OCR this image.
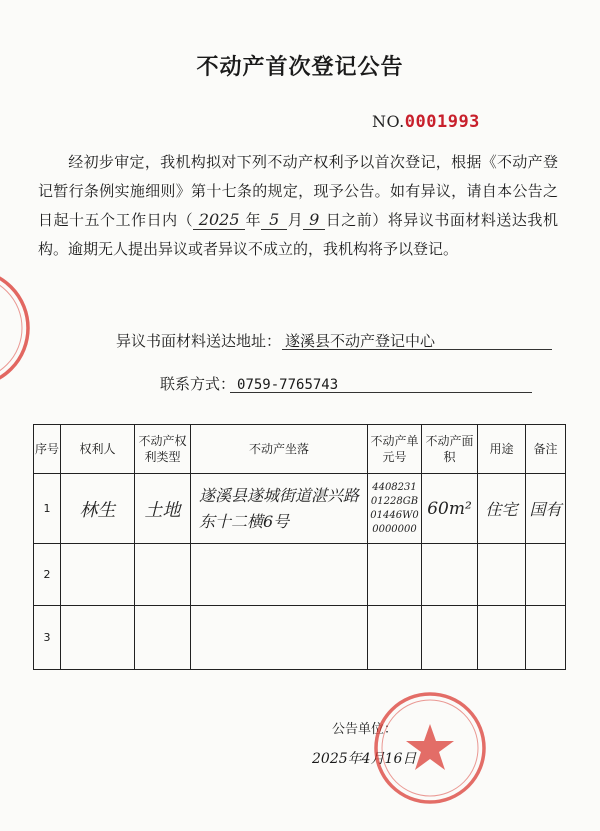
不动产首次登记公告
NO.0001993
经初步审定，我机构拟对下列不动产权利予以首次登记，根据《不动产登记暂行条例实施细则》第十七条的规定，现予公告。如有异议，请自本公告之日起十五个工作日内（ 2025 年 5 月 9 日之前）将异议书面材料送达我机构。逾期无人提出异议或者异议不成立的，我机构将予以登记。
异议书面材料送达地址： 遂溪县不动产登记中心
联系方式： 0759-7765743
序号	权利人	不动产权利类型	不动产坐落	不动产单元号	不动产面　积	用途	备注
1	林生	土地	遂溪县遂城街道湛兴路东十二横6号	440823101228GB01446W00000000	60m²	住宅	国有
2							
3							
公告单位：
2025年4月16日
